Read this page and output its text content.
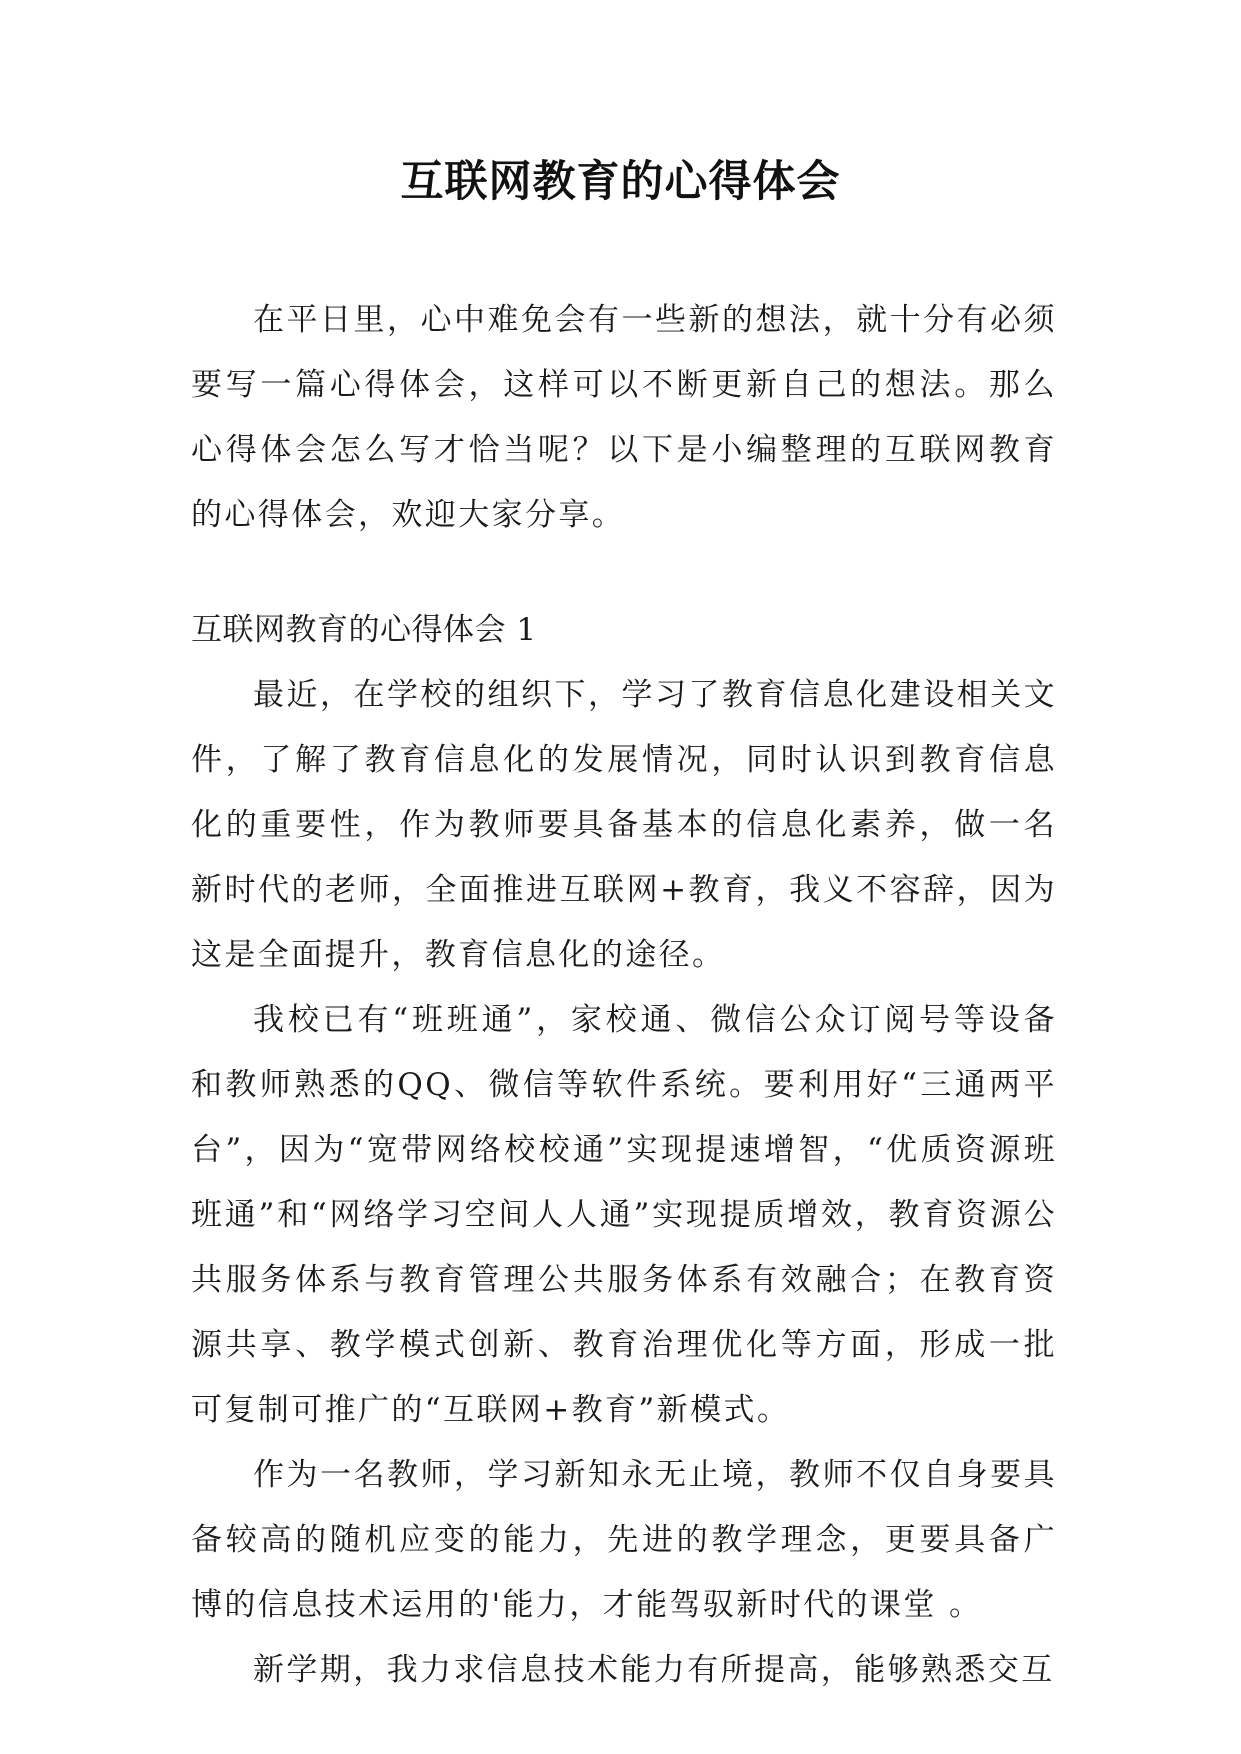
互联网教育的心得体会

在平日里，心中难免会有一些新的想法，就十分有必须要写一篇心得体会，这样可以不断更新自己的想法。那么心得体会怎么写才恰当呢？以下是小编整理的互联网教育的心得体会，欢迎大家分享。

互联网教育的心得体会 1

最近，在学校的组织下，学习了教育信息化建设相关文件，了解了教育信息化的发展情况，同时认识到教育信息化的重要性，作为教师要具备基本的信息化素养，做一名新时代的老师，全面推进互联网+教育，我义不容辞，因为这是全面提升，教育信息化的途径。

我校已有“班班通”，家校通、微信公众订阅号等设备和教师熟悉的QQ、微信等软件系统。要利用好“三通两平台”，因为“宽带网络校校通”实现提速增智，“优质资源班班通”和“网络学习空间人人通”实现提质增效，教育资源公共服务体系与教育管理公共服务体系有效融合；在教育资源共享、教学模式创新、教育治理优化等方面，形成一批可复制可推广的“互联网+教育”新模式。

作为一名教师，学习新知永无止境，教师不仅自身要具备较高的随机应变的能力，先进的教学理念，更要具备广博的信息技术运用的'能力，才能驾驭新时代的课堂 。

新学期，我力求信息技术能力有所提高，能够熟悉交互
